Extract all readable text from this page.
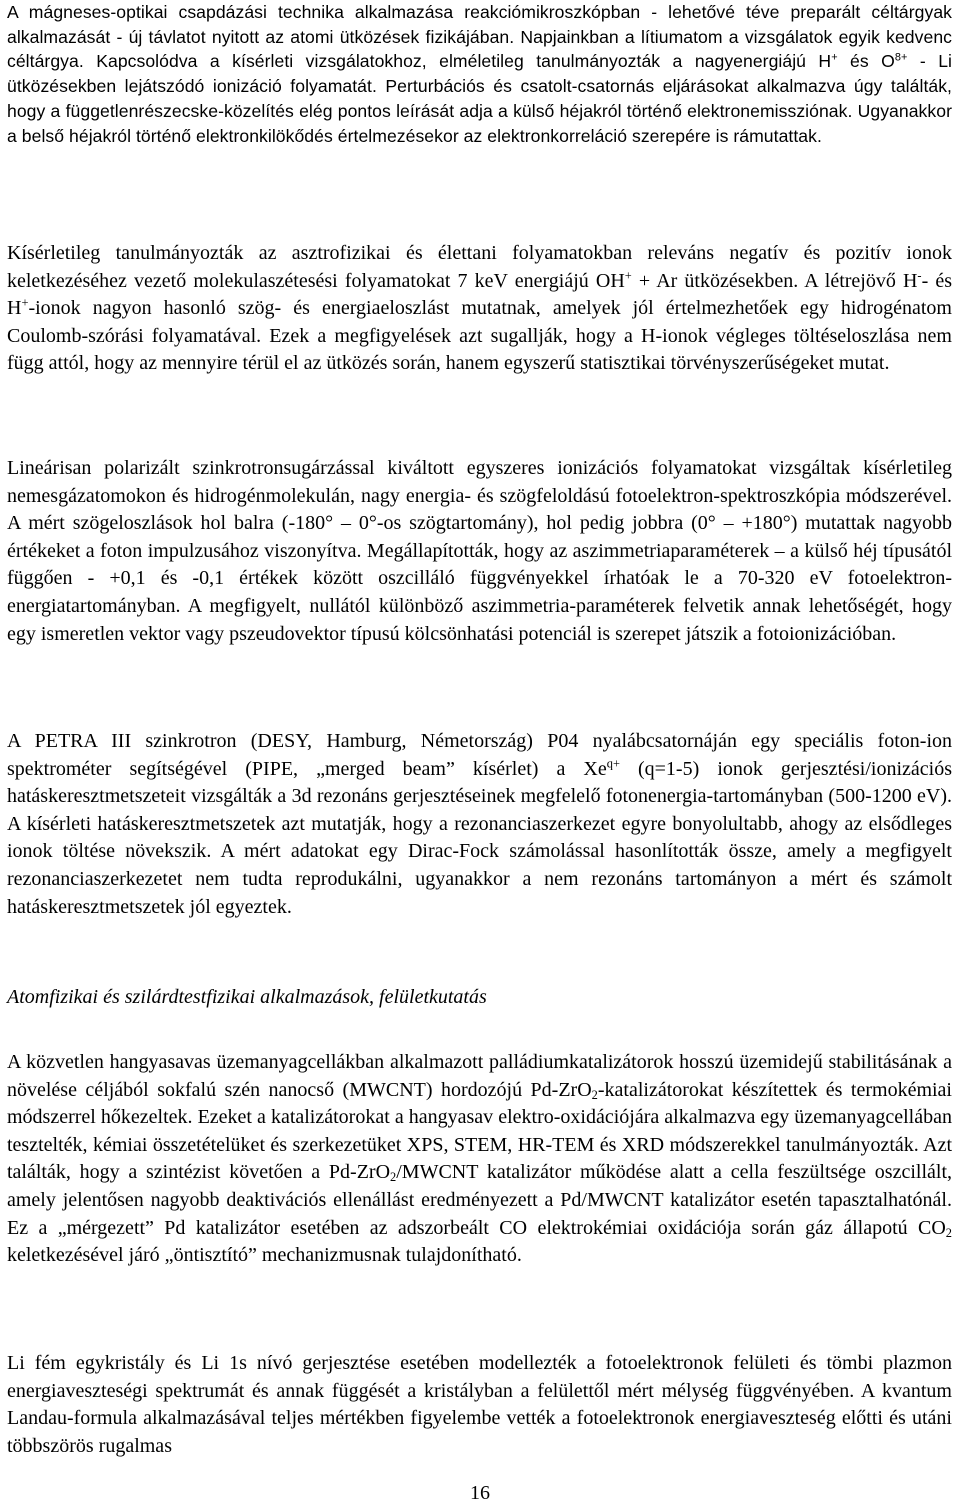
A mágneses-optikai csapdázási technika alkalmazása reakciómikroszkópban - lehetővé téve preparált céltárgyak alkalmazását - új távlatot nyitott az atomi ütközések fizikájában. Napjainkban a lítiumatom a vizsgálatok egyik kedvenc céltárgya. Kapcsolódva a kísérleti vizsgálatokhoz, elméletileg tanulmányozták a nagyenergiájú H+ és $O^{8+}$ - Li ütközésekben lejátszódó ionizáció folyamatát. Perturbációs és csatolt-csatornás eljárásokat alkalmazva úgy találták, hogy a függetlenrészecske-közelítés elég pontos leírását adja a külső héjakról történő elektronemissziónak. Ugyanakkor a belső héjakról történő elektronkilökődés értelmezésekor az elektronkorreláció szerepére is rámutattak.

Kísérletileg tanulmányozták az asztrofizikai és élettani folyamatokban releváns negatív és pozitív ionok keletkezéséhez vezető molekulaszétesési folyamatokat 7 keV energiájú OH+ + Ar ütközésekben. A létrejövő H-- és H+-ionok nagyon hasonló szög- és energiaeloszlást mutatnak, amelyek jól értelmezhetőek egy hidrogénatom Coulomb-szórási folyamatával. Ezek a megfigyelések azt sugallják, hogy a H-ionok végleges töltéseloszlása nem függ attól, hogy az mennyire térül el az ütközés során, hanem egyszerű statisztikai törvényszerűségeket mutat.

Lineárisan polarizált szinkrotronsugárzással kiváltott egyszeres ionizációs folyamatokat vizsgáltak kísérletileg nemesgázatomokon és hidrogénmolekulán, nagy energia- és szögfeloldású fotoelektron-spektroszkópia módszerével. A mért szögeloszlások hol balra (-180° – 0°-os szögtartomány), hol pedig jobbra (0° – +180°) mutattak nagyobb értékeket a foton impulzusához viszonyítva. Megállapították, hogy az aszimmetriaparaméterek – a külső héj típusától függően - +0,1 és -0,1 értékek között oszcilláló függvényekkel írhatóak le a 70-320 eV fotoelektron-energiatartományban. A megfigyelt, nullától különböző aszimmetria-paraméterek felvetik annak lehetőségét, hogy egy ismeretlen vektor vagy pszeudovektor típusú kölcsönhatási potenciál is szerepet játszik a fotoionizációban.

A PETRA III szinkrotron (DESY, Hamburg, Németország) P04 nyalábcsatornáján egy speciális foton-ion spektrométer segítségével (PIPE, „merged beam” kísérlet) a $Xe^{q+}$ (q=1-5) ionok gerjesztési/ionizációs hatáskeresztmetszeteit vizsgálták a 3d rezonáns gerjesztéseinek megfelelő fotonenergia-tartományban (500-1200 eV). A kísérleti hatáskeresztmetszetek azt mutatják, hogy a rezonanciaszerkezet egyre bonyolultabb, ahogy az elsődleges ionok töltése növekszik. A mért adatokat egy Dirac-Fock számolással hasonlították össze, amely a megfigyelt rezonanciaszerkezetet nem tudta reprodukálni, ugyanakkor a nem rezonáns tartományon a mért és számolt hatáskeresztmetszetek jól egyeztek.

Atomfizikai és szilárdtestfizikai alkalmazások, felületkutatás

A közvetlen hangyasavas üzemanyagcellákban alkalmazott palládiumkatalizátorok hosszú üzemidejű stabilitásának a növelése céljából sokfalú szén nanocső (MWCNT) hordozójú Pd-ZrO$_2$-katalizátorokat készítettek és termokémiai módszerrel hőkezeltek. Ezeket a katalizátorokat a hangyasav elektro-oxidációjára alkalmazva egy üzemanyagcellában tesztelték, kémiai összetételüket és szerkezetüket XPS, STEM, HR-TEM és XRD módszerekkel tanulmányozták. Azt találták, hogy a szintézist követően a Pd-ZrO$_2$/MWCNT katalizátor működése alatt a cella feszültsége oszcillált, amely jelentősen nagyobb deaktivációs ellenállást eredményezett a Pd/MWCNT katalizátor esetén tapasztalhatónál. Ez a „mérgezett” Pd katalizátor esetében az adszorbeált CO elektrokémiai oxidációja során gáz állapotú $CO_2$ keletkezésével járó „öntisztító” mechanizmusnak tulajdonítható.

Li fém egykristály és Li 1s nívó gerjesztése esetében modellezték a fotoelektronok felületi és tömbi plazmon energiaveszteségi spektrumát és annak függését a kristályban a felülettől mért mélység függvényében. A kvantum Landau-formula alkalmazásával teljes mértékben figyelembe vették a fotoelektronok energiaveszteség előtti és utáni többszörös rugalmas

16
